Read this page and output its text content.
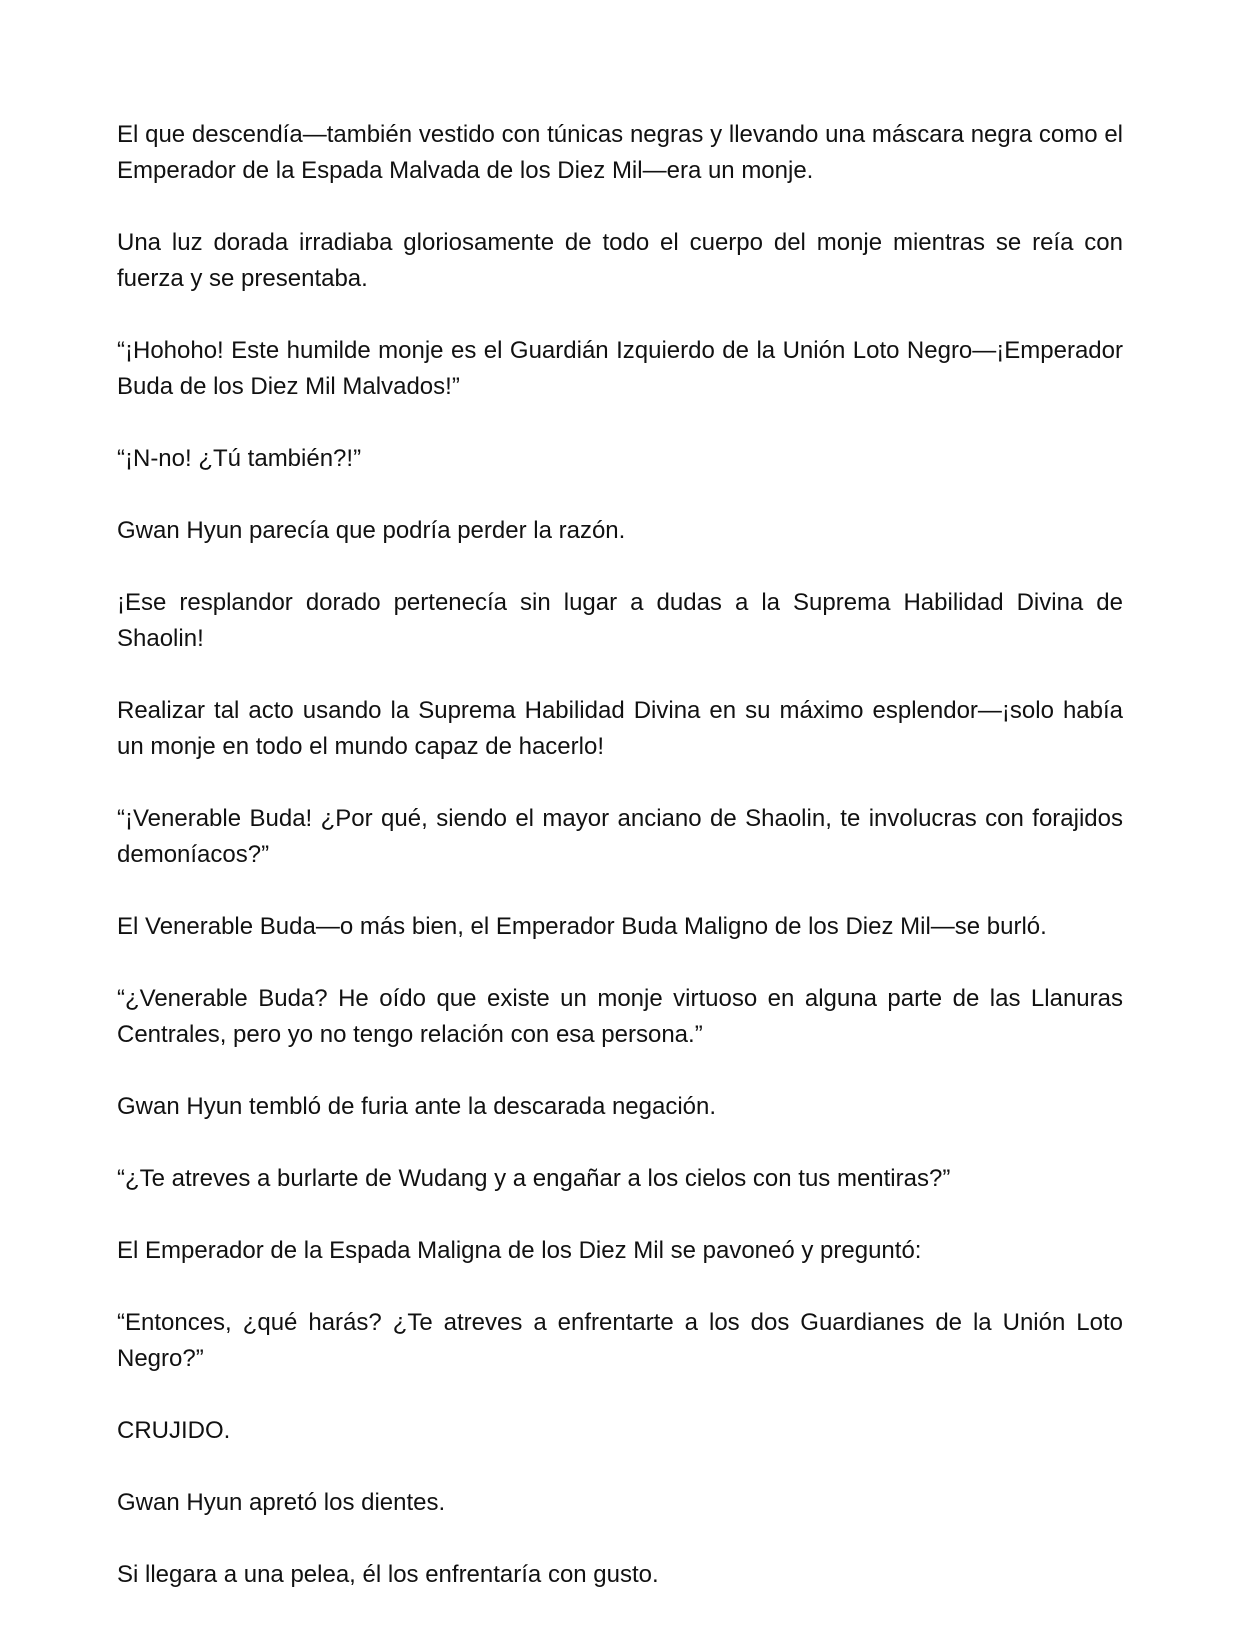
El que descendía—también vestido con túnicas negras y llevando una máscara negra como el Emperador de la Espada Malvada de los Diez Mil—era un monje.

Una luz dorada irradiaba gloriosamente de todo el cuerpo del monje mientras se reía con fuerza y se presentaba.

“¡Hohoho! Este humilde monje es el Guardián Izquierdo de la Unión Loto Negro—¡Emperador Buda de los Diez Mil Malvados!”

“¡N-no! ¿Tú también?!”

Gwan Hyun parecía que podría perder la razón.

¡Ese resplandor dorado pertenecía sin lugar a dudas a la Suprema Habilidad Divina de Shaolin!

Realizar tal acto usando la Suprema Habilidad Divina en su máximo esplendor—¡solo había un monje en todo el mundo capaz de hacerlo!

“¡Venerable Buda! ¿Por qué, siendo el mayor anciano de Shaolin, te involucras con forajidos demoníacos?”

El Venerable Buda—o más bien, el Emperador Buda Maligno de los Diez Mil—se burló.

“¿Venerable Buda? He oído que existe un monje virtuoso en alguna parte de las Llanuras Centrales, pero yo no tengo relación con esa persona.”

Gwan Hyun tembló de furia ante la descarada negación.

“¿Te atreves a burlarte de Wudang y a engañar a los cielos con tus mentiras?”

El Emperador de la Espada Maligna de los Diez Mil se pavoneó y preguntó:

“Entonces, ¿qué harás? ¿Te atreves a enfrentarte a los dos Guardianes de la Unión Loto Negro?”

CRUJIDO.

Gwan Hyun apretó los dientes.

Si llegara a una pelea, él los enfrentaría con gusto.
